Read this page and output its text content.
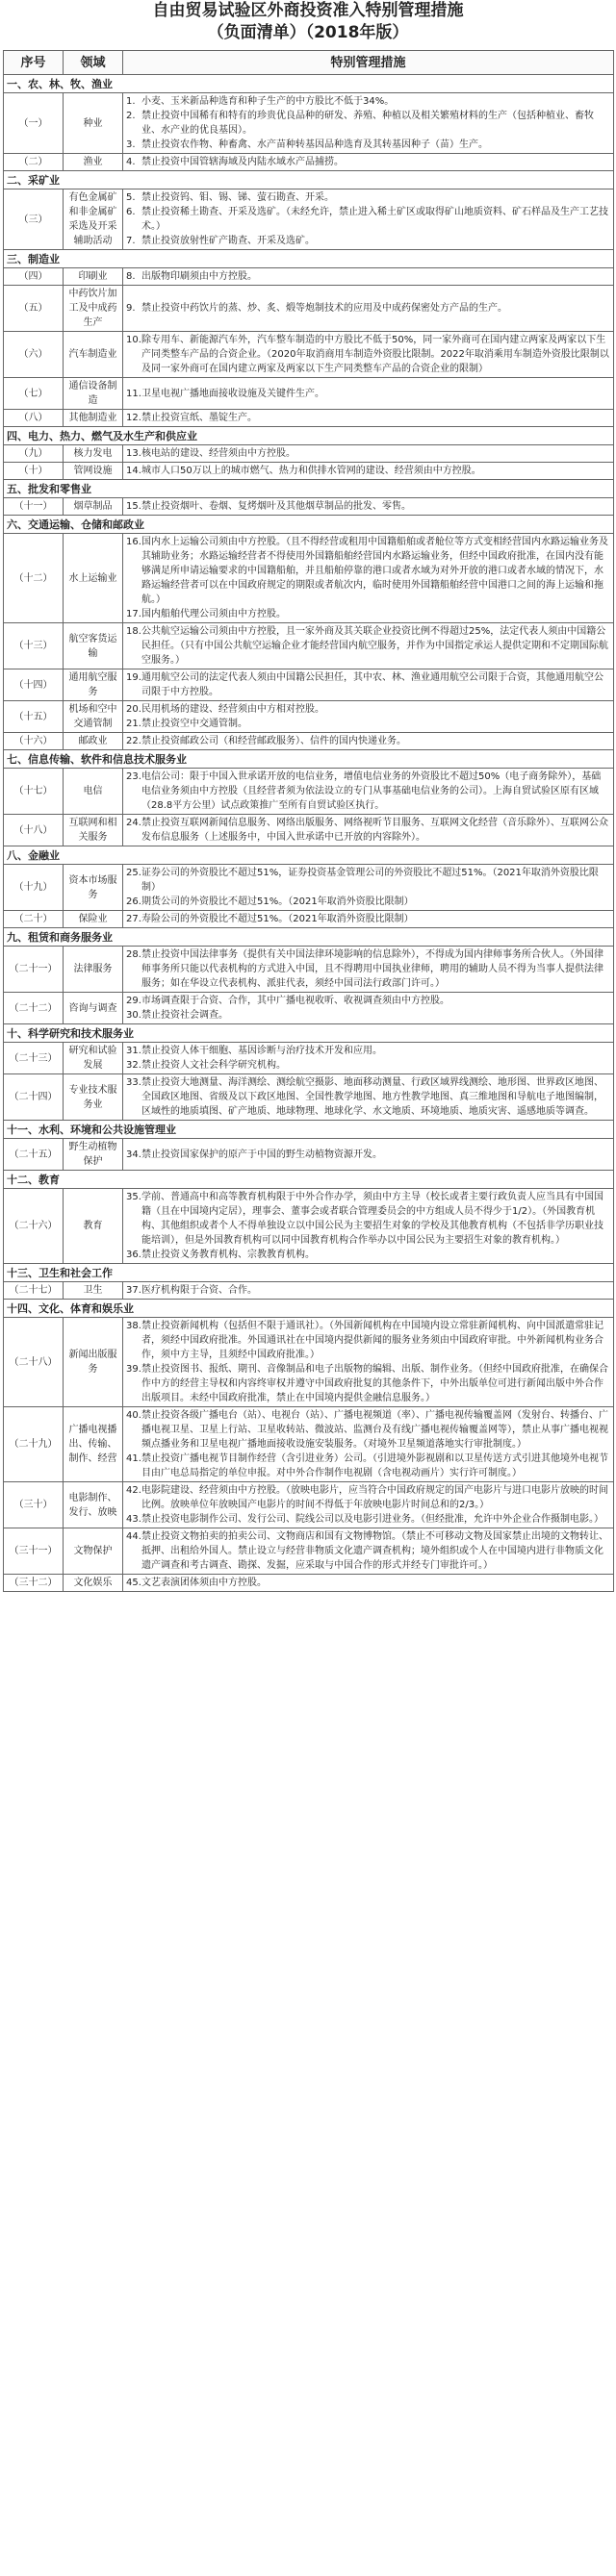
自由贸易试验区外商投资准入特别管理措施
（负面清单）（2018年版）
序号	领域	特别管理措施
一、农、林、牧、渔业		
（一）	种业	1. 小麦、玉米新品种选育和种子生产的中方股比不低于34%。
2. 禁止投资中国稀有和特有的珍贵优良品种的研发、养殖、种植以及相关繁殖材料的生产（包括种植业、畜牧业、水产业的优良基因）。
3. 禁止投资农作物、种畜禽、水产苗种转基因品种选育及其转基因种子（苗）生产。

（二）	渔业	4. 禁止投资中国管辖海域及内陆水域水产品捕捞。

二、采矿业		
（三）	有色金属矿和非金属矿采选及开采辅助活动	5. 禁止投资钨、钼、锡、锑、萤石勘查、开采。
6. 禁止投资稀土勘查、开采及选矿。（未经允许，禁止进入稀土矿区或取得矿山地质资料、矿石样品及生产工艺技术。）
7. 禁止投资放射性矿产勘查、开采及选矿。

三、制造业		
（四）	印刷业	8. 出版物印刷须由中方控股。

（五）	中药饮片加工及中成药生产	9. 禁止投资中药饮片的蒸、炒、炙、煅等炮制技术的应用及中成药保密处方产品的生产。

（六）	汽车制造业	10.除专用车、新能源汽车外，汽车整车制造的中方股比不低于50%，同一家外商可在国内建立两家及两家以下生产同类整车产品的合资企业。（2020年取消商用车制造外资股比限制。2022年取消乘用车制造外资股比限制以及同一家外商可在国内建立两家及两家以下生产同类整车产品的合资企业的限制）

（七）	通信设备制造	11.卫星电视广播地面接收设施及关键件生产。

（八）	其他制造业	12.禁止投资宣纸、墨锭生产。

四、电力、热力、燃气及水生产和供应业		
（九）	核力发电	13.核电站的建设、经营须由中方控股。

（十）	管网设施	14.城市人口50万以上的城市燃气、热力和供排水管网的建设、经营须由中方控股。

五、批发和零售业		
（十一）	烟草制品	15.禁止投资烟叶、卷烟、复烤烟叶及其他烟草制品的批发、零售。

六、交通运输、仓储和邮政业		
（十二）	水上运输业	16.国内水上运输公司须由中方控股。（且不得经营或租用中国籍船舶或者舱位等方式变相经营国内水路运输业务及其辅助业务；水路运输经营者不得使用外国籍船舶经营国内水路运输业务，但经中国政府批准，在国内没有能够满足所申请运输要求的中国籍船舶，并且船舶停靠的港口或者水域为对外开放的港口或者水域的情况下，水路运输经营者可以在中国政府规定的期限或者航次内，临时使用外国籍船舶经营中国港口之间的海上运输和拖航。）
17.国内船舶代理公司须由中方控股。

（十三）	航空客货运输	18.公共航空运输公司须由中方控股，且一家外商及其关联企业投资比例不得超过25%，法定代表人须由中国籍公民担任。（只有中国公共航空运输企业才能经营国内航空服务，并作为中国指定承运人提供定期和不定期国际航空服务。）

（十四）	通用航空服务	19.通用航空公司的法定代表人须由中国籍公民担任，其中农、林、渔业通用航空公司限于合资，其他通用航空公司限于中方控股。

（十五）	机场和空中交通管制	20.民用机场的建设、经营须由中方相对控股。
21.禁止投资空中交通管制。

（十六）	邮政业	22.禁止投资邮政公司（和经营邮政服务）、信件的国内快递业务。

七、信息传输、软件和信息技术服务业		
（十七）	电信	23.电信公司：限于中国入世承诺开放的电信业务，增值电信业务的外资股比不超过50%（电子商务除外），基础电信业务须由中方控股（且经营者须为依法设立的专门从事基础电信业务的公司）。上海自贸试验区原有区域（28.8平方公里）试点政策推广至所有自贸试验区执行。

（十八）	互联网和相关服务	24.禁止投资互联网新闻信息服务、网络出版服务、网络视听节目服务、互联网文化经营（音乐除外）、互联网公众发布信息服务（上述服务中，中国入世承诺中已开放的内容除外）。

八、金融业		
（十九）	资本市场服务	25.证券公司的外资股比不超过51%，证券投资基金管理公司的外资股比不超过51%。（2021年取消外资股比限制）
26.期货公司的外资股比不超过51%。（2021年取消外资股比限制）

（二十）	保险业	27.寿险公司的外资股比不超过51%。（2021年取消外资股比限制）

九、租赁和商务服务业		
（二十一）	法律服务	28.禁止投资中国法律事务（提供有关中国法律环境影响的信息除外），不得成为国内律师事务所合伙人。（外国律师事务所只能以代表机构的方式进入中国，且不得聘用中国执业律师，聘用的辅助人员不得为当事人提供法律服务；如在华设立代表机构、派驻代表，须经中国司法行政部门许可。）

（二十二）	咨询与调查	29.市场调查限于合资、合作，其中广播电视收听、收视调查须由中方控股。
30.禁止投资社会调查。

十、科学研究和技术服务业		
（二十三）	研究和试验发展	31.禁止投资人体干细胞、基因诊断与治疗技术开发和应用。
32.禁止投资人文社会科学研究机构。

（二十四）	专业技术服务业	33.禁止投资大地测量、海洋测绘、测绘航空摄影、地面移动测量、行政区域界线测绘、地形图、世界政区地图、全国政区地图、省级及以下政区地图、全国性教学地图、地方性教学地图、真三维地图和导航电子地图编制，区域性的地质填图、矿产地质、地球物理、地球化学、水文地质、环境地质、地质灾害、遥感地质等调查。

十一、水利、环境和公共设施管理业		
（二十五）	野生动植物保护	34.禁止投资国家保护的原产于中国的野生动植物资源开发。

十二、教育		
（二十六）	教育	35.学前、普通高中和高等教育机构限于中外合作办学，须由中方主导（校长或者主要行政负责人应当具有中国国籍（且在中国境内定居），理事会、董事会或者联合管理委员会的中方组成人员不得少于1/2）。（外国教育机构、其他组织或者个人不得单独设立以中国公民为主要招生对象的学校及其他教育机构（不包括非学历职业技能培训），但是外国教育机构可以同中国教育机构合作举办以中国公民为主要招生对象的教育机构。）
36.禁止投资义务教育机构、宗教教育机构。

十三、卫生和社会工作		
（二十七）	卫生	37.医疗机构限于合资、合作。

十四、文化、体育和娱乐业		
（二十八）	新闻出版服务	38.禁止投资新闻机构（包括但不限于通讯社）。（外国新闻机构在中国境内设立常驻新闻机构、向中国派遣常驻记者，须经中国政府批准。外国通讯社在中国境内提供新闻的服务业务须由中国政府审批。中外新闻机构业务合作，须中方主导，且须经中国政府批准。）
39.禁止投资图书、报纸、期刊、音像制品和电子出版物的编辑、出版、制作业务。（但经中国政府批准，在确保合作中方的经营主导权和内容终审权并遵守中国政府批复的其他条件下，中外出版单位可进行新闻出版中外合作出版项目。未经中国政府批准，禁止在中国境内提供金融信息服务。）

（二十九）	广播电视播出、传输、制作、经营	40.禁止投资各级广播电台（站）、电视台（站）、广播电视频道（率）、广播电视传输覆盖网（发射台、转播台、广播电视卫星、卫星上行站、卫星收转站、微波站、监测台及有线广播电视传输覆盖网等），禁止从事广播电视视频点播业务和卫星电视广播地面接收设施安装服务。（对境外卫星频道落地实行审批制度。）
41.禁止投资广播电视节目制作经营（含引进业务）公司。（引进境外影视剧和以卫星传送方式引进其他境外电视节目由广电总局指定的单位申报。对中外合作制作电视剧（含电视动画片）实行许可制度。）

（三十）	电影制作、发行、放映	42.电影院建设、经营须由中方控股。（放映电影片，应当符合中国政府规定的国产电影片与进口电影片放映的时间比例。放映单位年放映国产电影片的时间不得低于年放映电影片时间总和的2/3。）
43.禁止投资电影制作公司、发行公司、院线公司以及电影引进业务。（但经批准，允许中外企业合作摄制电影。）

（三十一）	文物保护	44.禁止投资文物拍卖的拍卖公司、文物商店和国有文物博物馆。（禁止不可移动文物及国家禁止出境的文物转让、抵押、出租给外国人。禁止设立与经营非物质文化遗产调查机构；境外组织或个人在中国境内进行非物质文化遗产调查和考古调查、勘探、发掘，应采取与中国合作的形式并经专门审批许可。）

（三十二）	文化娱乐	45.文艺表演团体须由中方控股。
